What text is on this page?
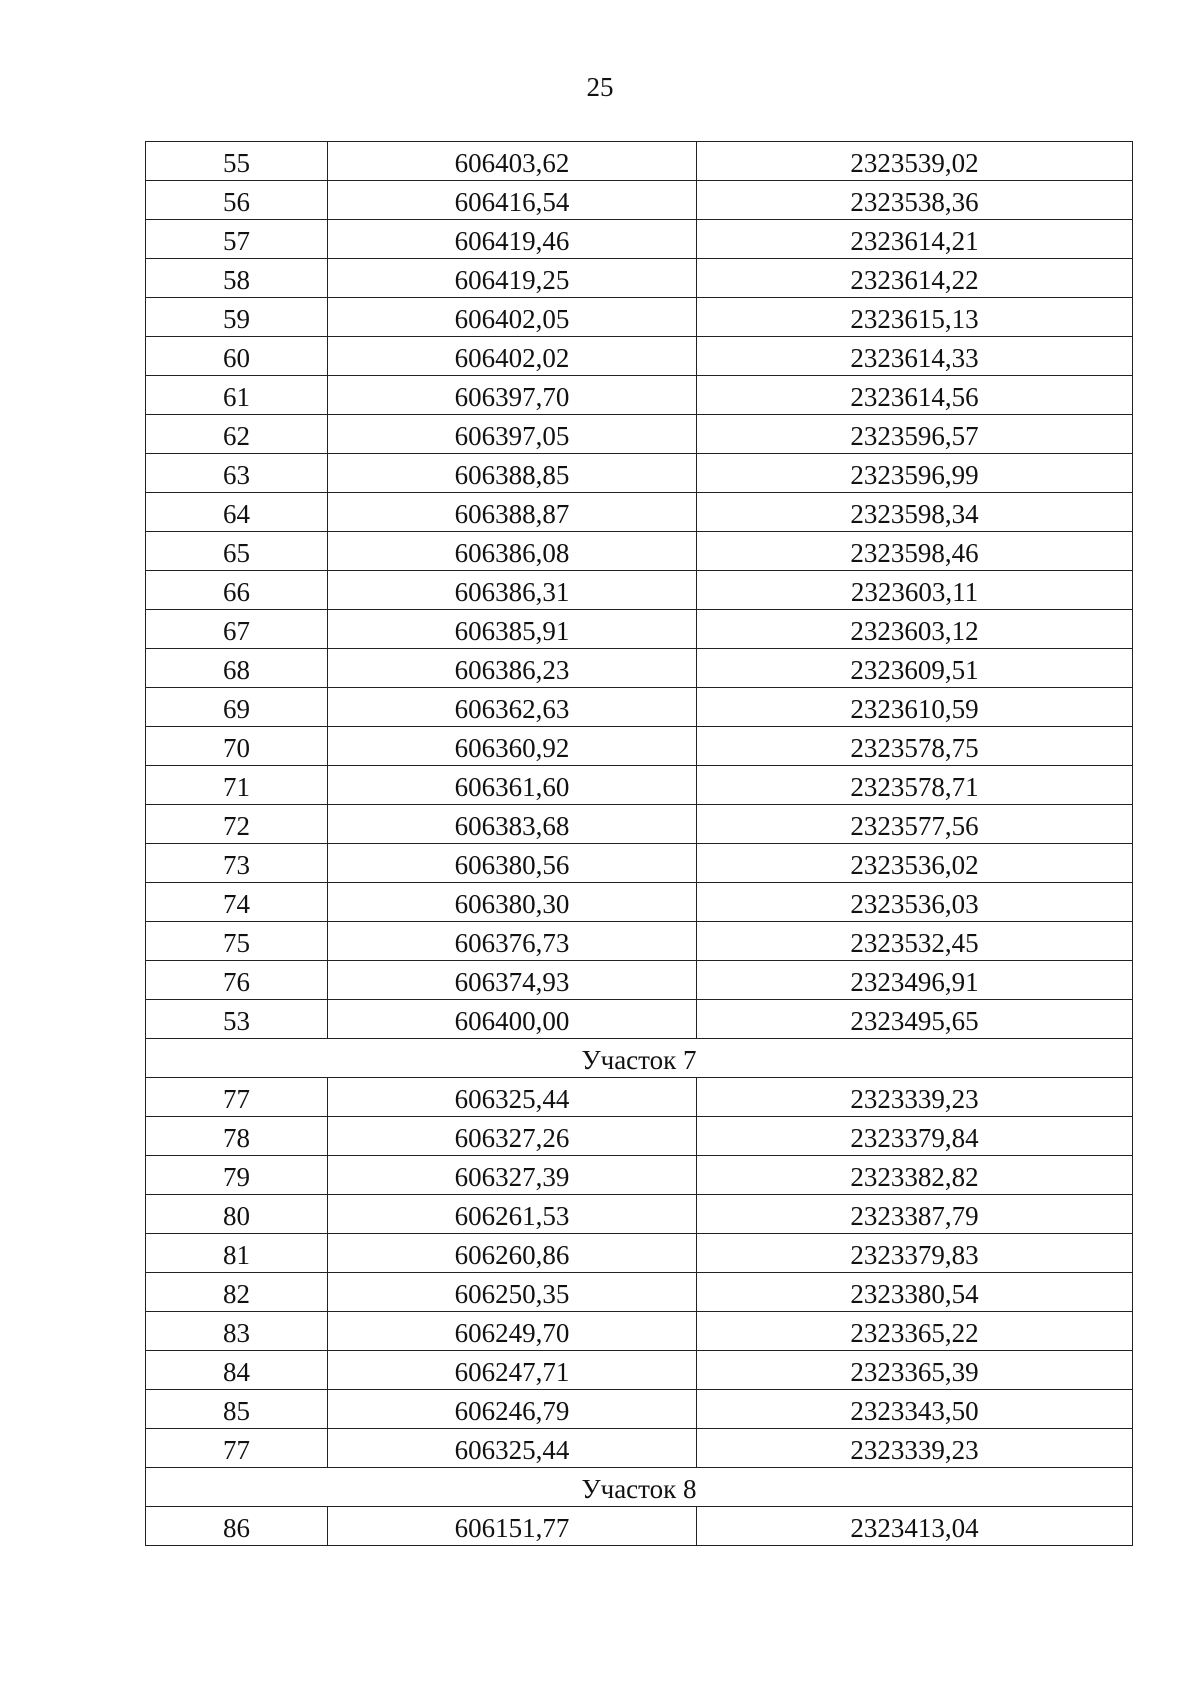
25
55	606403,62	2323539,02
56	606416,54	2323538,36
57	606419,46	2323614,21
58	606419,25	2323614,22
59	606402,05	2323615,13
60	606402,02	2323614,33
61	606397,70	2323614,56
62	606397,05	2323596,57
63	606388,85	2323596,99
64	606388,87	2323598,34
65	606386,08	2323598,46
66	606386,31	2323603,11
67	606385,91	2323603,12
68	606386,23	2323609,51
69	606362,63	2323610,59
70	606360,92	2323578,75
71	606361,60	2323578,71
72	606383,68	2323577,56
73	606380,56	2323536,02
74	606380,30	2323536,03
75	606376,73	2323532,45
76	606374,93	2323496,91
53	606400,00	2323495,65
Участок 7		
77	606325,44	2323339,23
78	606327,26	2323379,84
79	606327,39	2323382,82
80	606261,53	2323387,79
81	606260,86	2323379,83
82	606250,35	2323380,54
83	606249,70	2323365,22
84	606247,71	2323365,39
85	606246,79	2323343,50
77	606325,44	2323339,23
Участок 8		
86	606151,77	2323413,04
